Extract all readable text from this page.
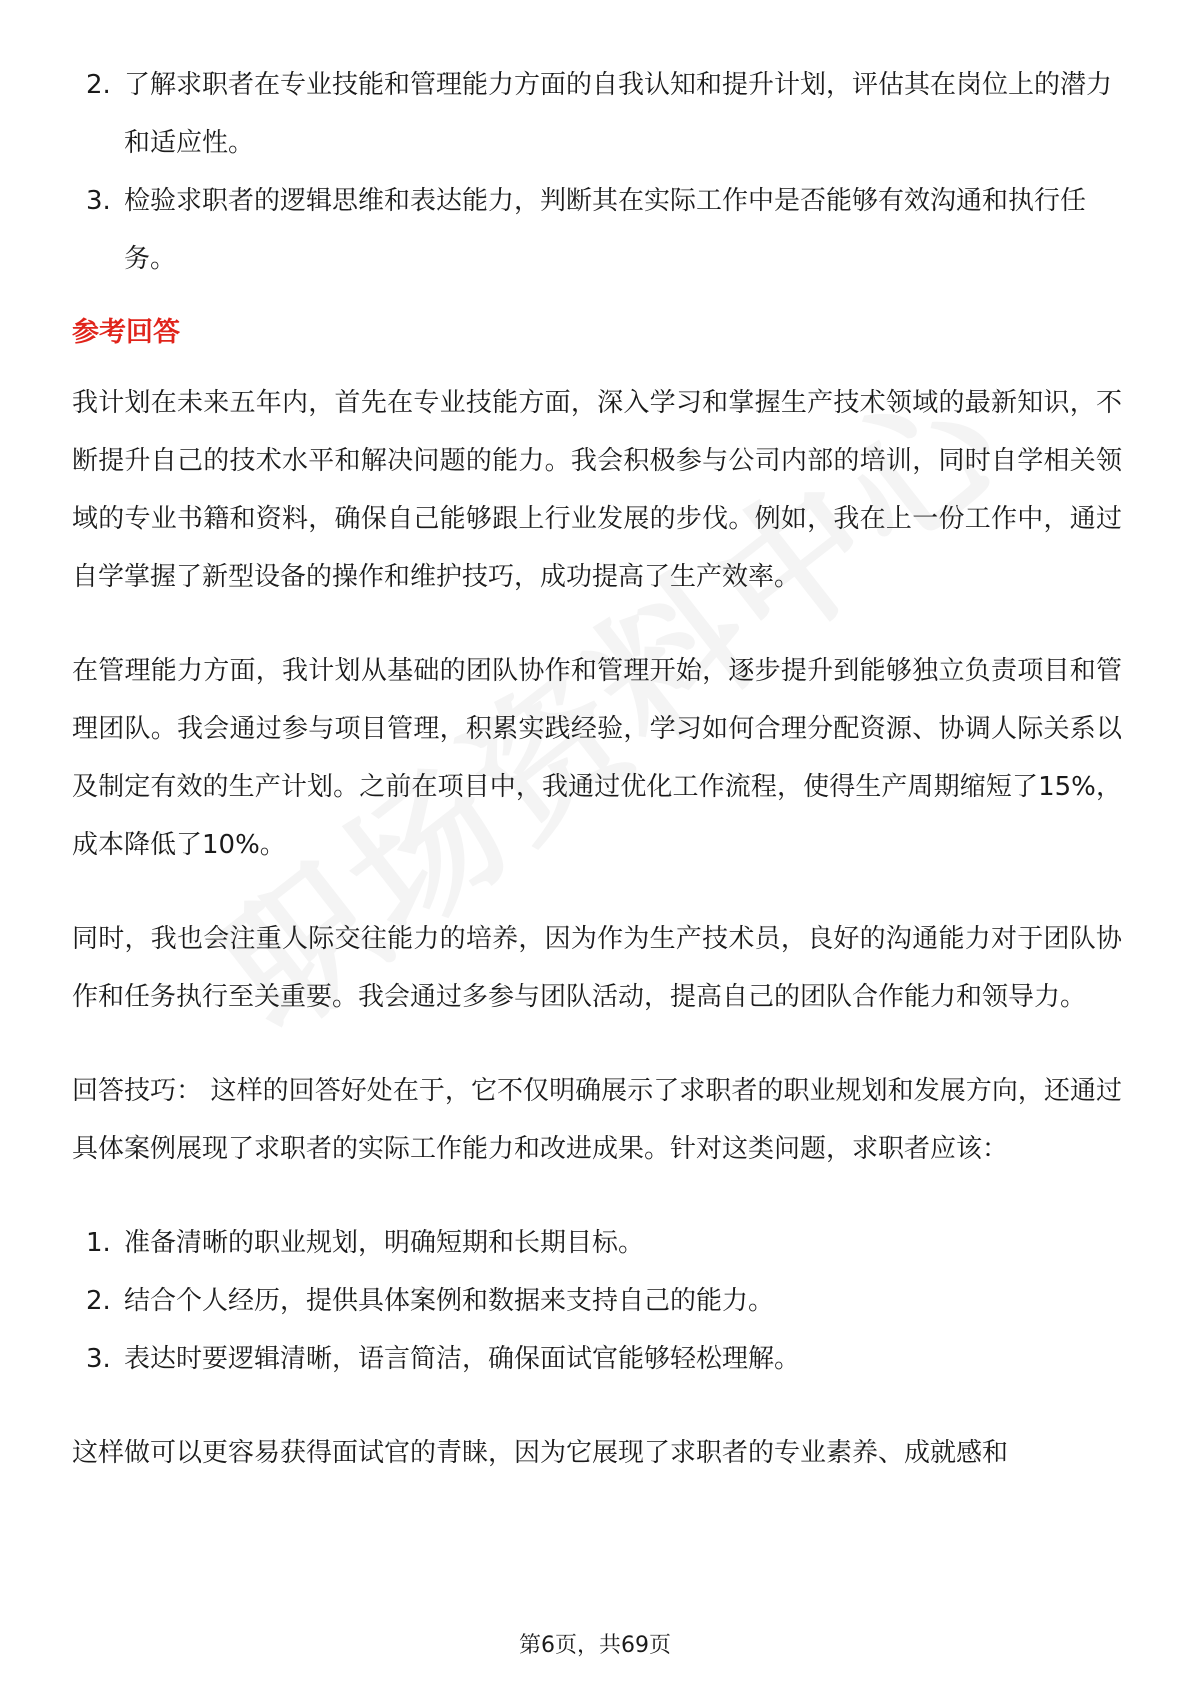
2. 了解求职者在专业技能和管理能力方面的自我认知和提升计划，评估其在岗位上的潜力和适应性。
3. 检验求职者的逻辑思维和表达能力，判断其在实际工作中是否能够有效沟通和执行任务。
参考回答

我计划在未来五年内，首先在专业技能方面，深入学习和掌握生产技术领域的最新知识，不断提升自己的技术水平和解决问题的能力。我会积极参与公司内部的培训，同时自学相关领域的专业书籍和资料，确保自己能够跟上行业发展的步伐。例如，我在上一份工作中，通过自学掌握了新型设备的操作和维护技巧，成功提高了生产效率。

在管理能力方面，我计划从基础的团队协作和管理开始，逐步提升到能够独立负责项目和管理团队。我会通过参与项目管理，积累实践经验，学习如何合理分配资源、协调人际关系以及制定有效的生产计划。之前在项目中，我通过优化工作流程，使得生产周期缩短了15%，成本降低了10%。

同时，我也会注重人际交往能力的培养，因为作为生产技术员，良好的沟通能力对于团队协作和任务执行至关重要。我会通过多参与团队活动，提高自己的团队合作能力和领导力。

回答技巧： 这样的回答好处在于，它不仅明确展示了求职者的职业规划和发展方向，还通过具体案例展现了求职者的实际工作能力和改进成果。针对这类问题，求职者应该：

1. 准备清晰的职业规划，明确短期和长期目标。
2. 结合个人经历，提供具体案例和数据来支持自己的能力。
3. 表达时要逻辑清晰，语言简洁，确保面试官能够轻松理解。

这样做可以更容易获得面试官的青睐，因为它展现了求职者的专业素养、成就感和

第6页，共69页
